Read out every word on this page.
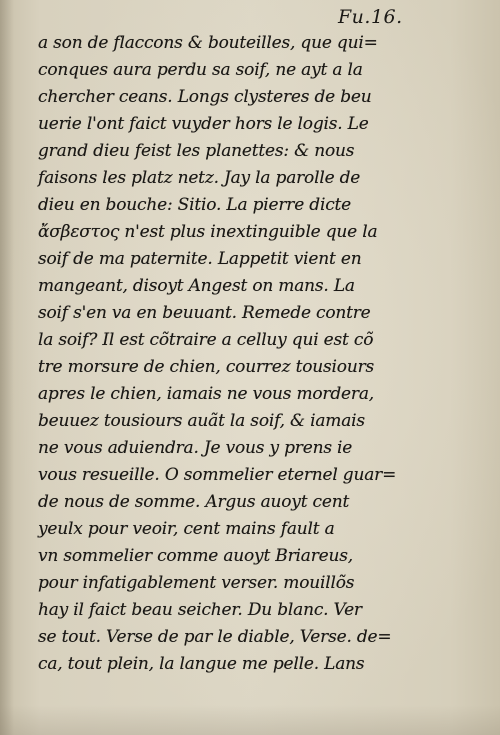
Fu.16.
a son de flaccons & bouteilles, que qui=
conques aura perdu sa soif, ne ayt a la
chercher ceans. Longs clysteres de beu
uerie l'ont faict vuyder hors le logis. Le
grand dieu feist les planettes: & nous
faisons les platz netz. Jay la parolle de
dieu en bouche: Sitio. La pierre dicte
ἄσβεστος n'est plus inextinguible que la
soif de ma paternite. Lappetit vient en
mangeant, disoyt Angest on mans. La
soif s'en va en beuuant. Remede contre
la soif? Il est cõtraire a celluy qui est cõ
tre morsure de chien, courrez tousiours
apres le chien, iamais ne vous mordera,
beuuez tousiours auãt la soif, & iamais
ne vous aduiendra. Je vous y prens ie
vous resueille. O sommelier eternel guar=
de nous de somme. Argus auoyt cent
yeulx pour veoir, cent mains fault a
vn sommelier comme auoyt Briareus,
pour infatigablement verser. mouillõs
hay il faict beau seicher. Du blanc. Ver
se tout. Verse de par le diable, Verse. de=
ca, tout plein, la langue me pelle. Lans
